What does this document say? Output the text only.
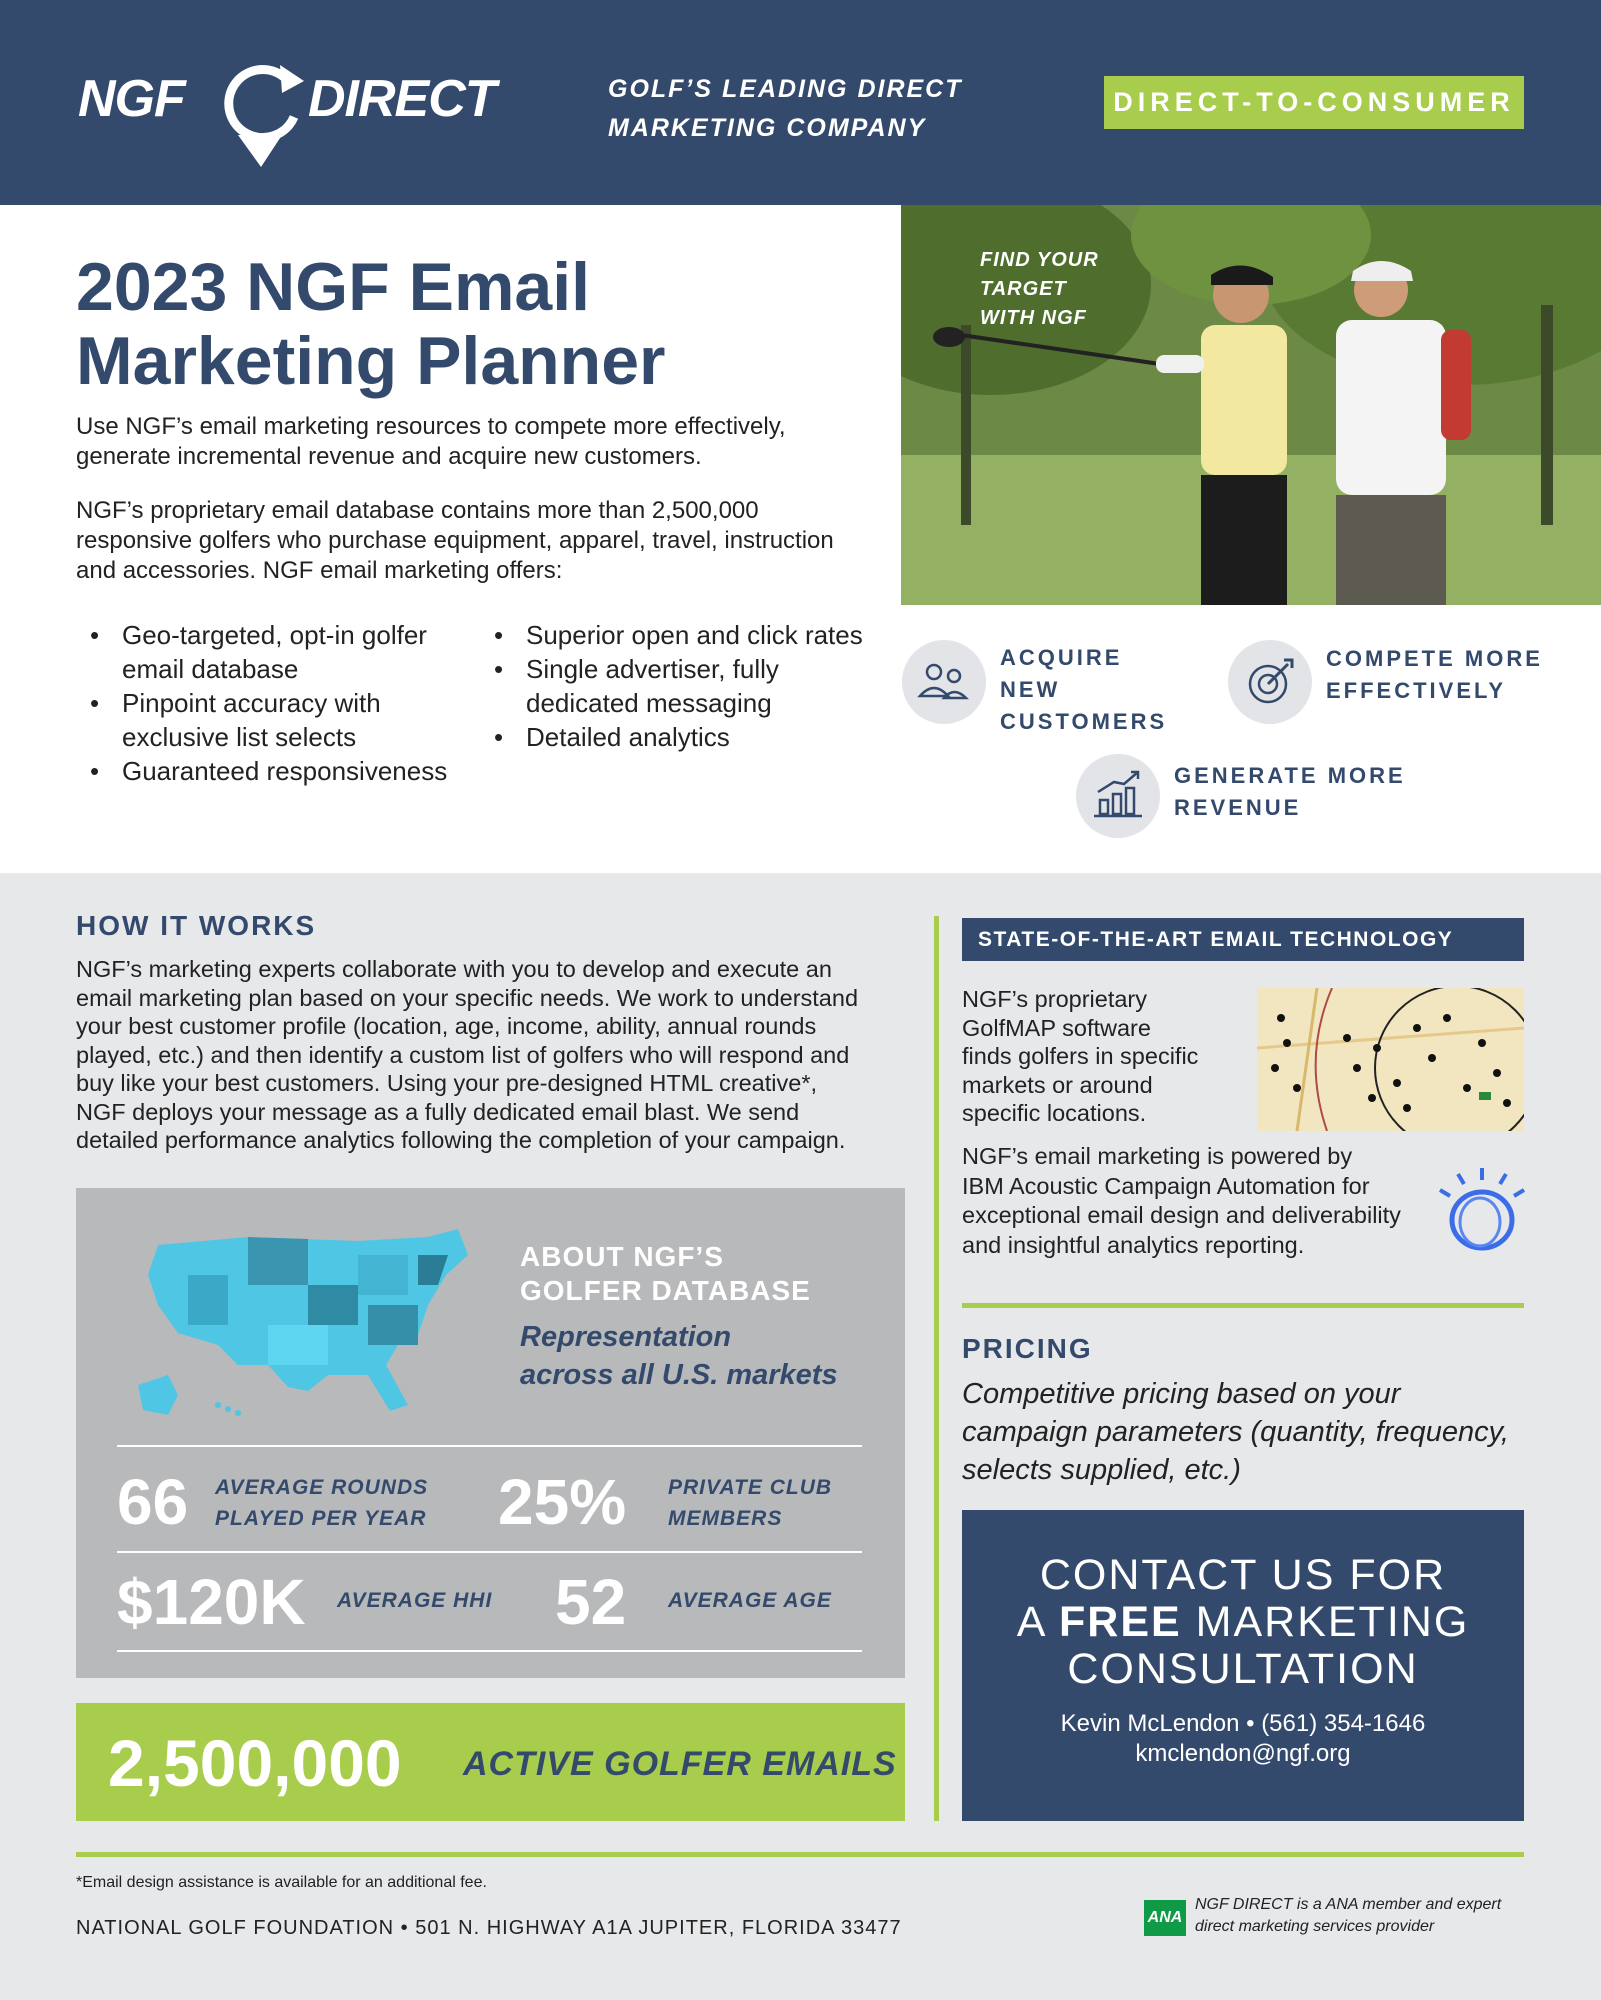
NGF DIRECT	GOLF’S LEADING DIRECT
MARKETING COMPANY
DIRECT-TO-CONSUMER
2023 NGF Email
Marketing Planner

Use NGF’s email marketing resources to compete more effectively, generate incremental revenue and acquire new customers.

NGF’s proprietary email database contains more than 2,500,000 responsive golfers who purchase equipment, apparel, travel, instruction and accessories. NGF email marketing offers:

• Geo-targeted, opt-in golfer email database
• Pinpoint accuracy with exclusive list selects
• Guaranteed responsiveness
• Superior open and click rates
• Single advertiser, fully dedicated messaging
• Detailed analytics
FIND YOUR
TARGET
WITH NGF
ACQUIRE
NEW
CUSTOMERS
COMPETE MORE
EFFECTIVELY
GENERATE MORE
REVENUE
HOW IT WORKS
NGF’s marketing experts collaborate with you to develop and execute an
email marketing plan based on your specific needs. We work to understand
your best customer profile (location, age, income, ability, annual rounds
played, etc.) and then identify a custom list of golfers who will respond and
buy like your best customers. Using your pre-designed HTML creative*,
NGF deploys your message as a fully dedicated email blast. We send
detailed performance analytics following the completion of your campaign.
ABOUT NGF’S
GOLFER DATABASE
Representation
across all U.S. markets
66 AVERAGE ROUNDS
PLAYED PER YEAR 25% PRIVATE CLUB
MEMBERS
$120K AVERAGE HHI 52 AVERAGE AGE
2,500,000 ACTIVE GOLFER EMAILS
STATE-OF-THE-ART EMAIL TECHNOLOGY
NGF’s proprietary
GolfMAP software
finds golfers in specific
markets or around
specific locations.
NGF’s email marketing is powered by
IBM Acoustic Campaign Automation for
exceptional email design and deliverability
and insightful analytics reporting.
PRICING
Competitive pricing based on your
campaign parameters (quantity, frequency,
selects supplied, etc.)
CONTACT US FOR
A FREE MARKETING
CONSULTATION
Kevin McLendon • (561) 354-1646
kmclendon@ngf.org
*Email design assistance is available for an additional fee.
NATIONAL GOLF FOUNDATION • 501 N. HIGHWAY A1A JUPITER, FLORIDA 33477	ANA
NGF DIRECT is a ANA member and expert
direct marketing services provider
